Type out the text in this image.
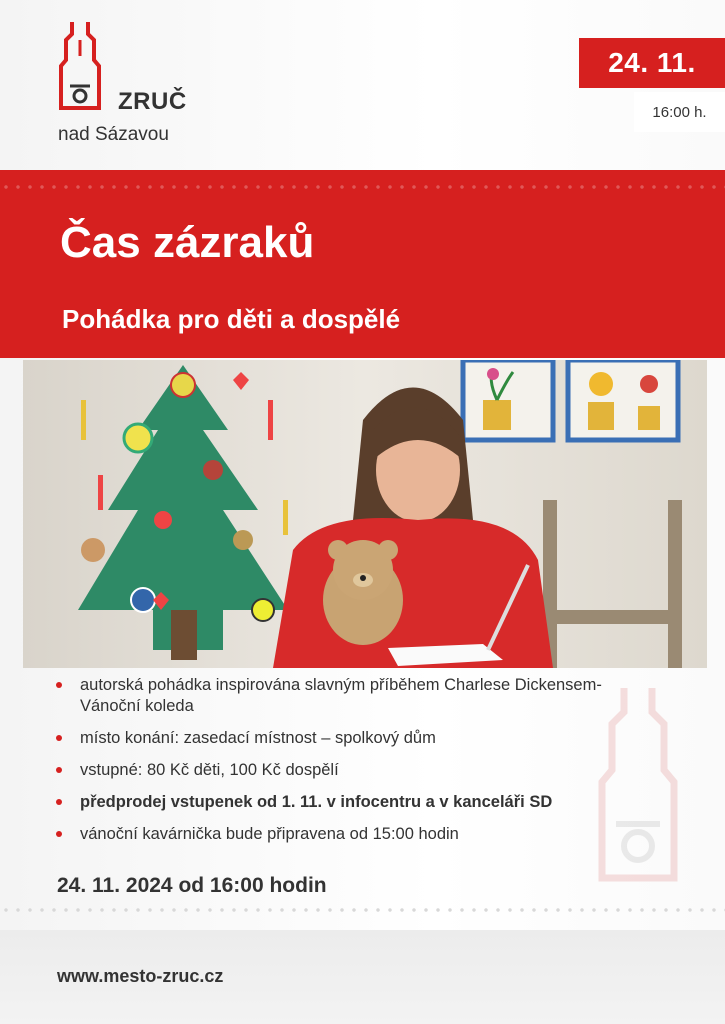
ZRUČ
nad Sázavou
24. 11.
16:00 h.
Čas zázraků
Pohádka pro děti a dospělé
autorská pohádka inspirována slavným příběhem Charlese Dickensem- Vánoční koleda
místo konání: zasedací místnost – spolkový dům
vstupné: 80 Kč děti, 100 Kč dospělí
předprodej vstupenek od 1. 11. v infocentru a v kanceláři SD
vánoční kavárnička bude připravena od 15:00 hodin
24. 11. 2024 od 16:00 hodin
www.mesto-zruc.cz
